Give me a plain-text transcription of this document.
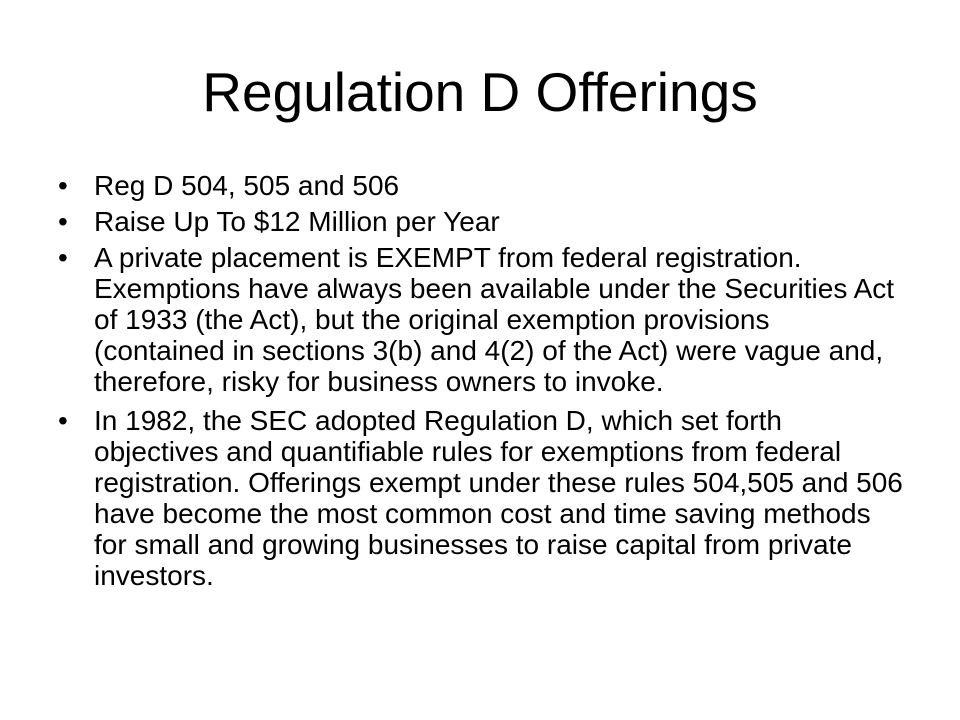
Regulation D Offerings
• Reg D 504, 505 and 506
• Raise Up To $12 Million per Year
• A private placement is EXEMPT from federal registration. Exemptions have always been available under the Securities Act of 1933 (the Act), but the original exemption provisions (contained in sections 3(b) and 4(2) of the Act) were vague and, therefore, risky for business owners to invoke.
• In 1982, the SEC adopted Regulation D, which set forth objectives and quantifiable rules for exemptions from federal registration. Offerings exempt under these rules 504,505 and 506 have become the most common cost and time saving methods for small and growing businesses to raise capital from private investors.
